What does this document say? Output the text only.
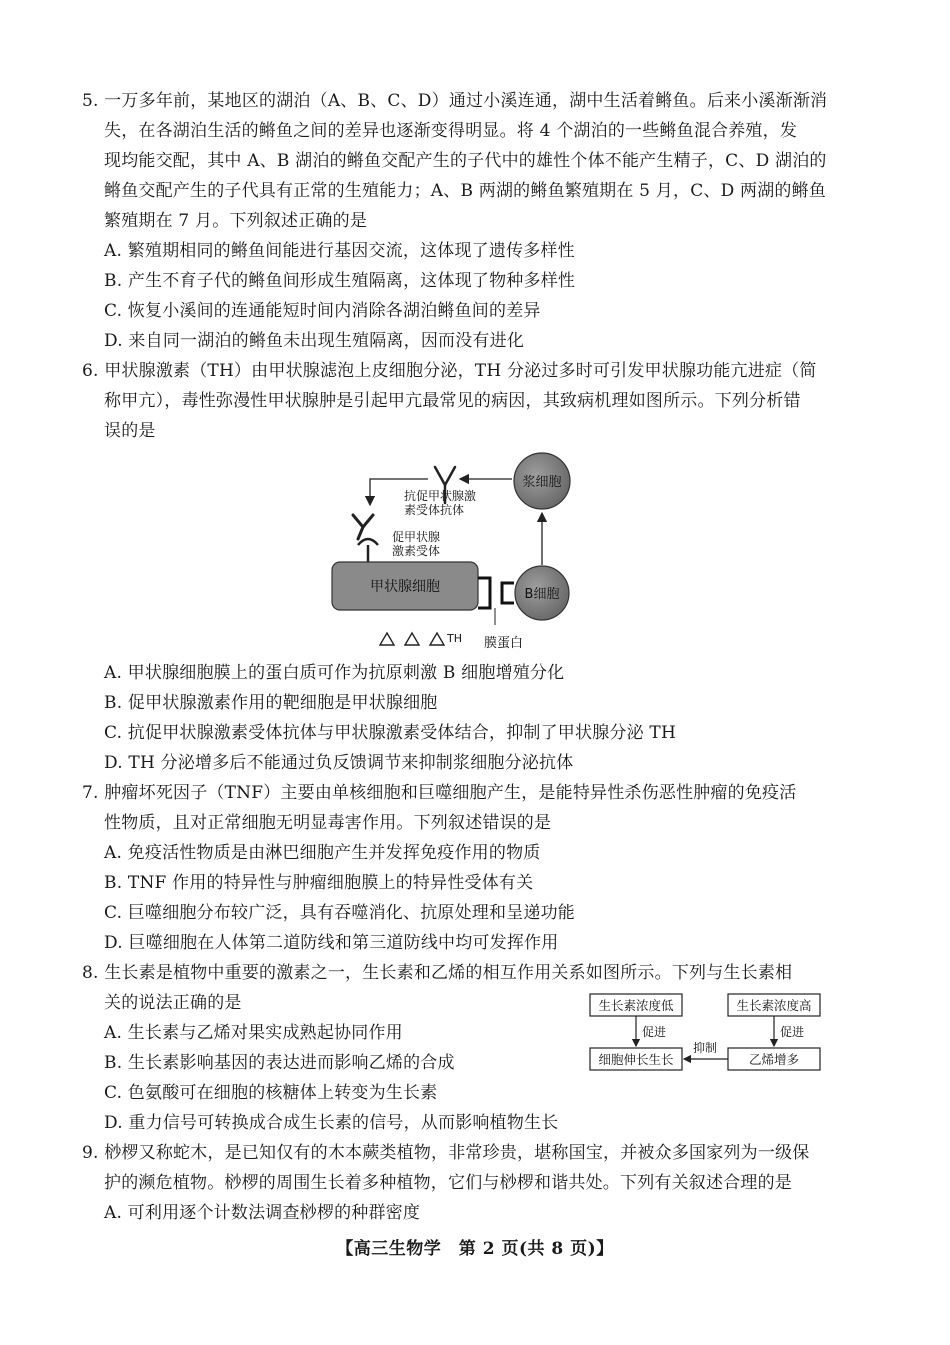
5. 一万多年前，某地区的湖泊（A、B、C、D）通过小溪连通，湖中生活着鳉鱼。后来小溪渐渐消
失，在各湖泊生活的鳉鱼之间的差异也逐渐变得明显。将 4 个湖泊的一些鳉鱼混合养殖，发
现均能交配，其中 A、B 湖泊的鳉鱼交配产生的子代中的雄性个体不能产生精子，C、D 湖泊的
鳉鱼交配产生的子代具有正常的生殖能力；A、B 两湖的鳉鱼繁殖期在 5 月，C、D 两湖的鳉鱼
繁殖期在 7 月。下列叙述正确的是
A. 繁殖期相同的鳉鱼间能进行基因交流，这体现了遗传多样性
B. 产生不育子代的鳉鱼间形成生殖隔离，这体现了物种多样性
C. 恢复小溪间的连通能短时间内消除各湖泊鳉鱼间的差异
D. 来自同一湖泊的鳉鱼未出现生殖隔离，因而没有进化
6. 甲状腺激素（TH）由甲状腺滤泡上皮细胞分泌，TH 分泌过多时可引发甲状腺功能亢进症（简
称甲亢），毒性弥漫性甲状腺肿是引起甲亢最常见的病因，其致病机理如图所示。下列分析错
误的是
浆细胞
B细胞
抗促甲状腺激
素受体抗体
促甲状腺
激素受体
甲状腺细胞
膜蛋白
TH
A. 甲状腺细胞膜上的蛋白质可作为抗原刺激 B 细胞增殖分化
B. 促甲状腺激素作用的靶细胞是甲状腺细胞
C. 抗促甲状腺激素受体抗体与甲状腺激素受体结合，抑制了甲状腺分泌 TH
D. TH 分泌增多后不能通过负反馈调节来抑制浆细胞分泌抗体
7. 肿瘤坏死因子（TNF）主要由单核细胞和巨噬细胞产生，是能特异性杀伤恶性肿瘤的免疫活
性物质，且对正常细胞无明显毒害作用。下列叙述错误的是
A. 免疫活性物质是由淋巴细胞产生并发挥免疫作用的物质
B. TNF 作用的特异性与肿瘤细胞膜上的特异性受体有关
C. 巨噬细胞分布较广泛，具有吞噬消化、抗原处理和呈递功能
D. 巨噬细胞在人体第二道防线和第三道防线中均可发挥作用
8. 生长素是植物中重要的激素之一，生长素和乙烯的相互作用关系如图所示。下列与生长素相
关的说法正确的是
A. 生长素与乙烯对果实成熟起协同作用
B. 生长素影响基因的表达进而影响乙烯的合成
C. 色氨酸可在细胞的核糖体上转变为生长素
D. 重力信号可转换成合成生长素的信号，从而影响植物生长
生长素浓度低	生长素浓度高
细胞伸长生长	乙烯增多
促进	促进
抑制
9. 桫椤又称蛇木，是已知仅有的木本蕨类植物，非常珍贵，堪称国宝，并被众多国家列为一级保
护的濒危植物。桫椤的周围生长着多种植物，它们与桫椤和谐共处。下列有关叙述合理的是
A. 可利用逐个计数法调查桫椤的种群密度
【高三生物学　第 2 页(共 8 页)】
